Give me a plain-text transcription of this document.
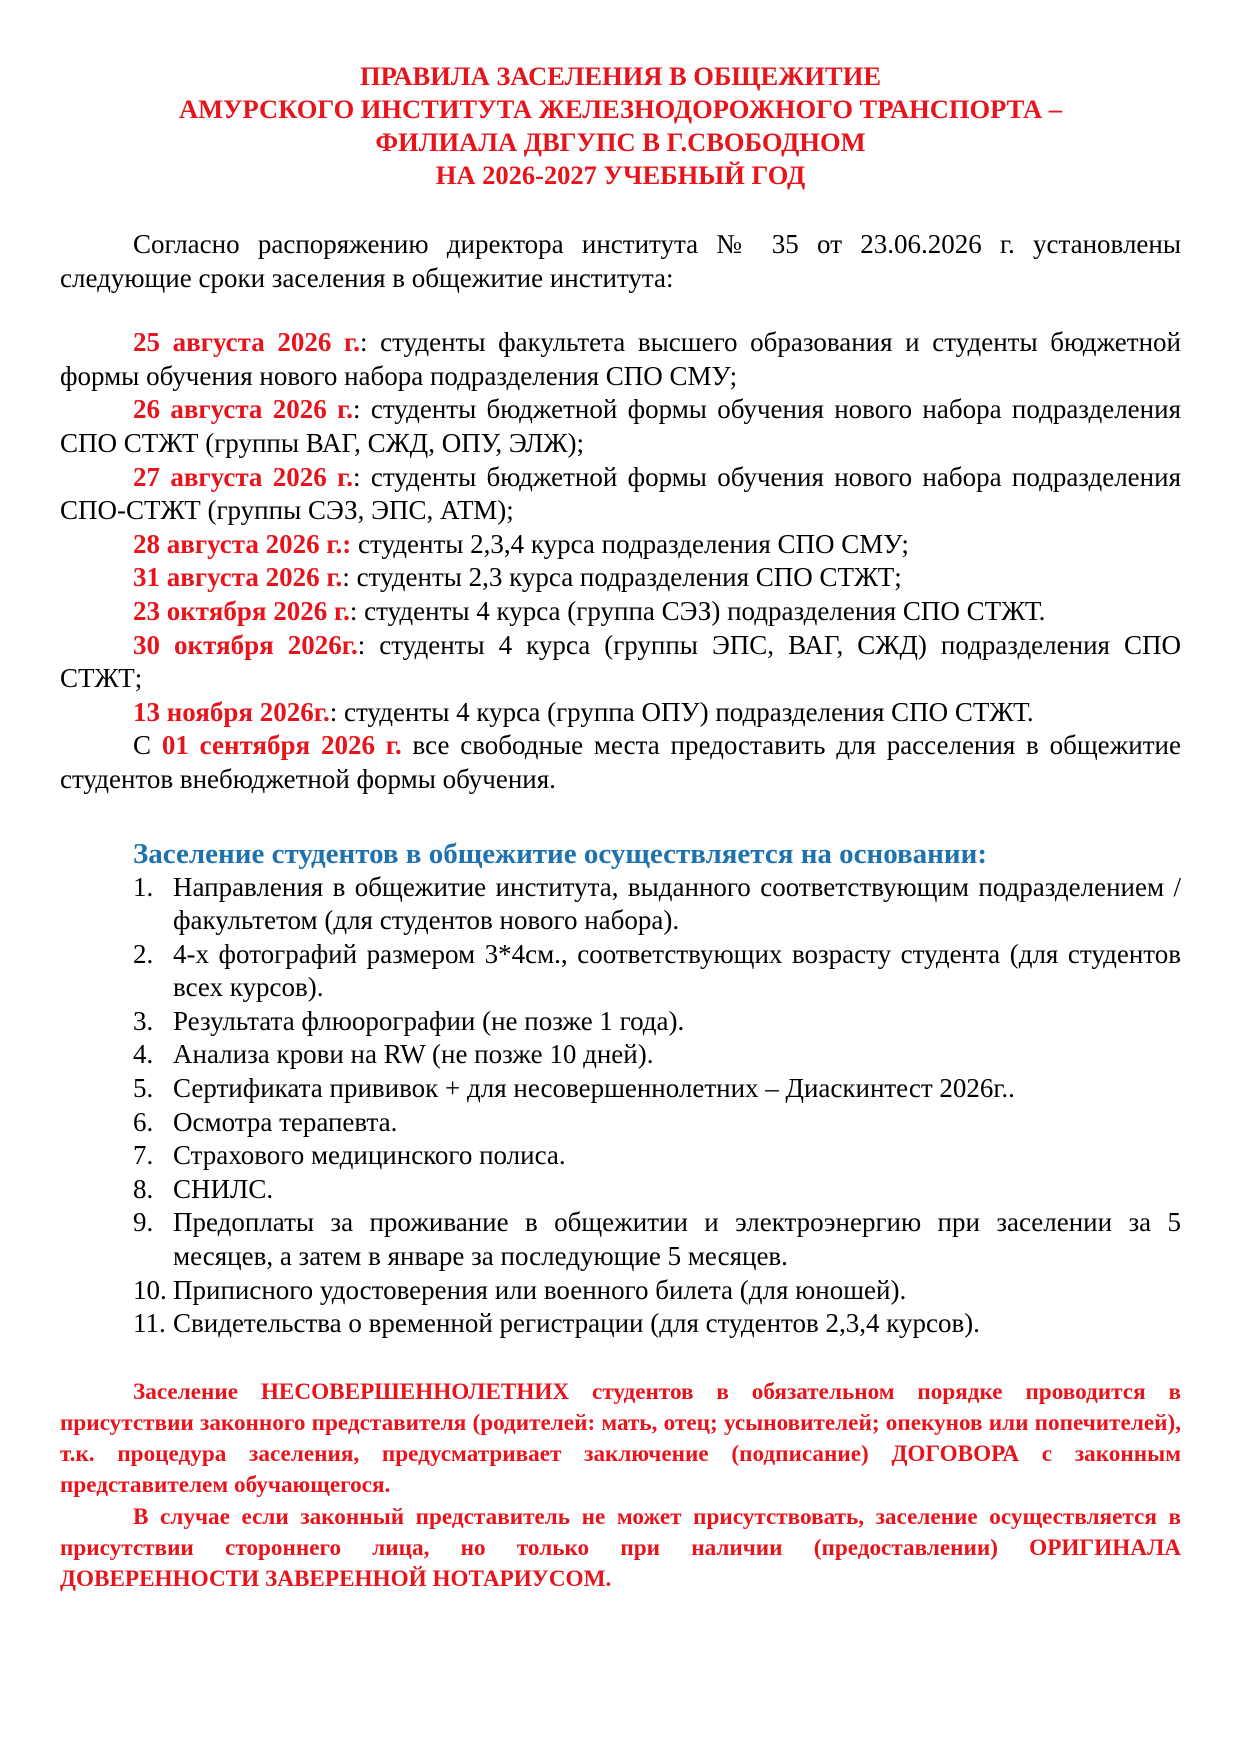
ПРАВИЛА ЗАСЕЛЕНИЯ В ОБЩЕЖИТИЕ
АМУРСКОГО ИНСТИТУТА ЖЕЛЕЗНОДОРОЖНОГО ТРАНСПОРТА –
ФИЛИАЛА ДВГУПС В Г.СВОБОДНОМ
НА 2026-2027 УЧЕБНЫЙ ГОД

Согласно распоряжению директора института № 35 от 23.06.2026 г. установлены следующие сроки заселения в общежитие института:

25 августа 2026 г.: студенты факультета высшего образования и студенты бюджетной формы обучения нового набора подразделения СПО СМУ;

26 августа 2026 г.: студенты бюджетной формы обучения нового набора подразделения СПО СТЖТ (группы ВАГ, СЖД, ОПУ, ЭЛЖ);

27 августа 2026 г.: студенты бюджетной формы обучения нового набора подразделения СПО-СТЖТ (группы СЭЗ, ЭПС, АТМ);

28 августа 2026 г.: студенты 2,3,4 курса подразделения СПО СМУ;

31 августа 2026 г.: студенты 2,3 курса подразделения СПО СТЖТ;

23 октября 2026 г.: студенты 4 курса (группа СЭЗ) подразделения СПО СТЖТ.

30 октября 2026г.: студенты 4 курса (группы ЭПС, ВАГ, СЖД) подразделения СПО СТЖТ;

13 ноября 2026г.: студенты 4 курса (группа ОПУ) подразделения СПО СТЖТ.

С 01 сентября 2026 г. все свободные места предоставить для расселения в общежитие студентов внебюджетной формы обучения.

Заселение студентов в общежитие осуществляется на основании:
1. Направления в общежитие института, выданного соответствующим подразделением /факультетом (для студентов нового набора).
2. 4-х фотографий размером 3*4см., соответствующих возрасту студента (для студентов всех курсов).
3. Результата флюорографии (не позже 1 года).
4. Анализа крови на RW (не позже 10 дней).
5. Сертификата прививок + для несовершеннолетних – Диаскинтест 2026г..
6. Осмотра терапевта.
7. Страхового медицинского полиса.
8. СНИЛС.
9. Предоплаты за проживание в общежитии и электроэнергию при заселении за 5 месяцев, а затем в январе за последующие 5 месяцев.
10. Приписного удостоверения или военного билета (для юношей).
11. Свидетельства о временной регистрации (для студентов 2,3,4 курсов).

Заселение НЕСОВЕРШЕННОЛЕТНИХ студентов в обязательном порядке проводится в присутствии законного представителя (родителей: мать, отец; усыновителей; опекунов или попечителей), т.к. процедура заселения, предусматривает заключение (подписание) ДОГОВОРА с законным представителем обучающегося.

В случае если законный представитель не может присутствовать, заселение осуществляется в присутствии стороннего лица, но только при наличии (предоставлении) ОРИГИНАЛА ДОВЕРЕННОСТИ ЗАВЕРЕННОЙ НОТАРИУСОМ.
